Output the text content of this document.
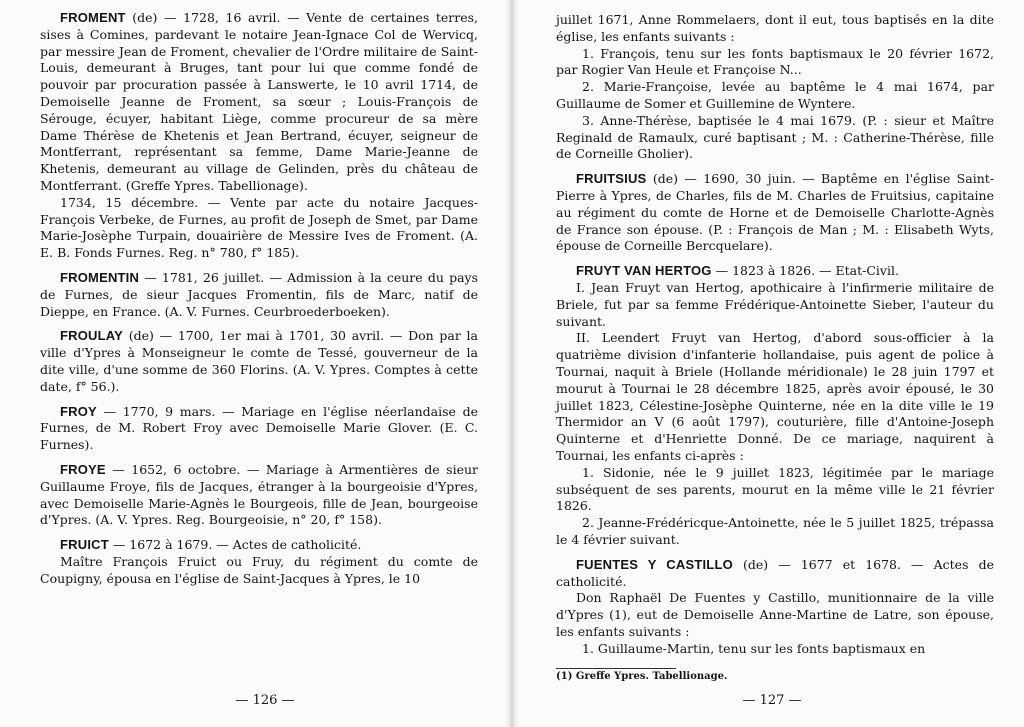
FROMENT (de) — 1728, 16 avril. — Vente de certaines terres, sises à Comines, pardevant le notaire Jean-Ignace Col de Wervicq, par messire Jean de Froment, chevalier de l'Ordre militaire de Saint-Louis, demeurant à Bruges, tant pour lui que comme fondé de pouvoir par procuration passée à Lanswerte, le 10 avril 1714, de Demoiselle Jeanne de Froment, sa sœur ; Louis-François de Sérouge, écuyer, habitant Liège, comme procureur de sa mère Dame Thérèse de Khetenis et Jean Bertrand, écuyer, seigneur de Montferrant, représentant sa femme, Dame Marie-Jeanne de Khetenis, demeurant au village de Gelinden, près du château de Montferrant. (Greffe Ypres. Tabellionage).

1734, 15 décembre. — Vente par acte du notaire Jacques-François Verbeke, de Furnes, au profit de Joseph de Smet, par Dame Marie-Josèphe Turpain, douairière de Messire Ives de Froment. (A. E. B. Fonds Furnes. Reg. n° 780, f° 185).

FROMENTIN — 1781, 26 juillet. — Admission à la ceure du pays de Furnes, de sieur Jacques Fromentin, fils de Marc, natif de Dieppe, en France. (A. V. Furnes. Ceurbroederboeken).

FROULAY (de) — 1700, 1er mai à 1701, 30 avril. — Don par la ville d'Ypres à Monseigneur le comte de Tessé, gouverneur de la dite ville, d'une somme de 360 Florins. (A. V. Ypres. Comptes à cette date, f° 56.).

FROY — 1770, 9 mars. — Mariage en l'église néerlandaise de Furnes, de M. Robert Froy avec Demoiselle Marie Glover. (E. C. Furnes).

FROYE — 1652, 6 octobre. — Mariage à Armentières de sieur Guillaume Froye, fils de Jacques, étranger à la bourgeoisie d'Ypres, avec Demoiselle Marie-Agnès le Bourgeois, fille de Jean, bourgeoise d'Ypres. (A. V. Ypres. Reg. Bourgeoisie, n° 20, f° 158).

FRUICT — 1672 à 1679. — Actes de catholicité.

Maître François Fruict ou Fruy, du régiment du comte de Coupigny, épousa en l'église de Saint-Jacques à Ypres, le 10

— 126 —

juillet 1671, Anne Rommelaers, dont il eut, tous baptisés en la dite église, les enfants suivants :

1. François, tenu sur les fonts baptismaux le 20 février 1672, par Rogier Van Heule et Françoise N...

2. Marie-Françoise, levée au baptême le 4 mai 1674, par Guillaume de Somer et Guillemine de Wyntere.

3. Anne-Thérèse, baptisée le 4 mai 1679. (P. : sieur et Maître Reginald de Ramaulx, curé baptisant ; M. : Catherine-Thérèse, fille de Corneille Gholier).

FRUITSIUS (de) — 1690, 30 juin. — Baptême en l'église Saint-Pierre à Ypres, de Charles, fils de M. Charles de Fruitsius, capitaine au régiment du comte de Horne et de Demoiselle Charlotte-Agnès de France son épouse. (P. : François de Man ; M. : Elisabeth Wyts, épouse de Corneille Bercquelare).

FRUYT VAN HERTOG — 1823 à 1826. — Etat-Civil.

I. Jean Fruyt van Hertog, apothicaire à l'infirmerie militaire de Briele, fut par sa femme Frédérique-Antoinette Sieber, l'auteur du suivant.

II. Leendert Fruyt van Hertog, d'abord sous-officier à la quatrième division d'infanterie hollandaise, puis agent de police à Tournai, naquit à Briele (Hollande méridionale) le 28 juin 1797 et mourut à Tournai le 28 décembre 1825, après avoir épousé, le 30 juillet 1823, Célestine-Josèphe Quinterne, née en la dite ville le 19 Thermidor an V (6 août 1797), couturière, fille d'Antoine-Joseph Quinterne et d'Henriette Donné. De ce mariage, naquirent à Tournai, les enfants ci-après :

1. Sidonie, née le 9 juillet 1823, légitimée par le mariage subséquent de ses parents, mourut en la même ville le 21 février 1826.

2. Jeanne-Frédéricque-Antoinette, née le 5 juillet 1825, trépassa le 4 février suivant.

FUENTES Y CASTILLO (de) — 1677 et 1678. — Actes de catholicité.

Don Raphaël De Fuentes y Castillo, munitionnaire de la ville d'Ypres (1), eut de Demoiselle Anne-Martine de Latre, son épouse, les enfants suivants :

1. Guillaume-Martin, tenu sur les fonts baptismaux en

(1) Greffe Ypres. Tabellionage.
— 127 —
